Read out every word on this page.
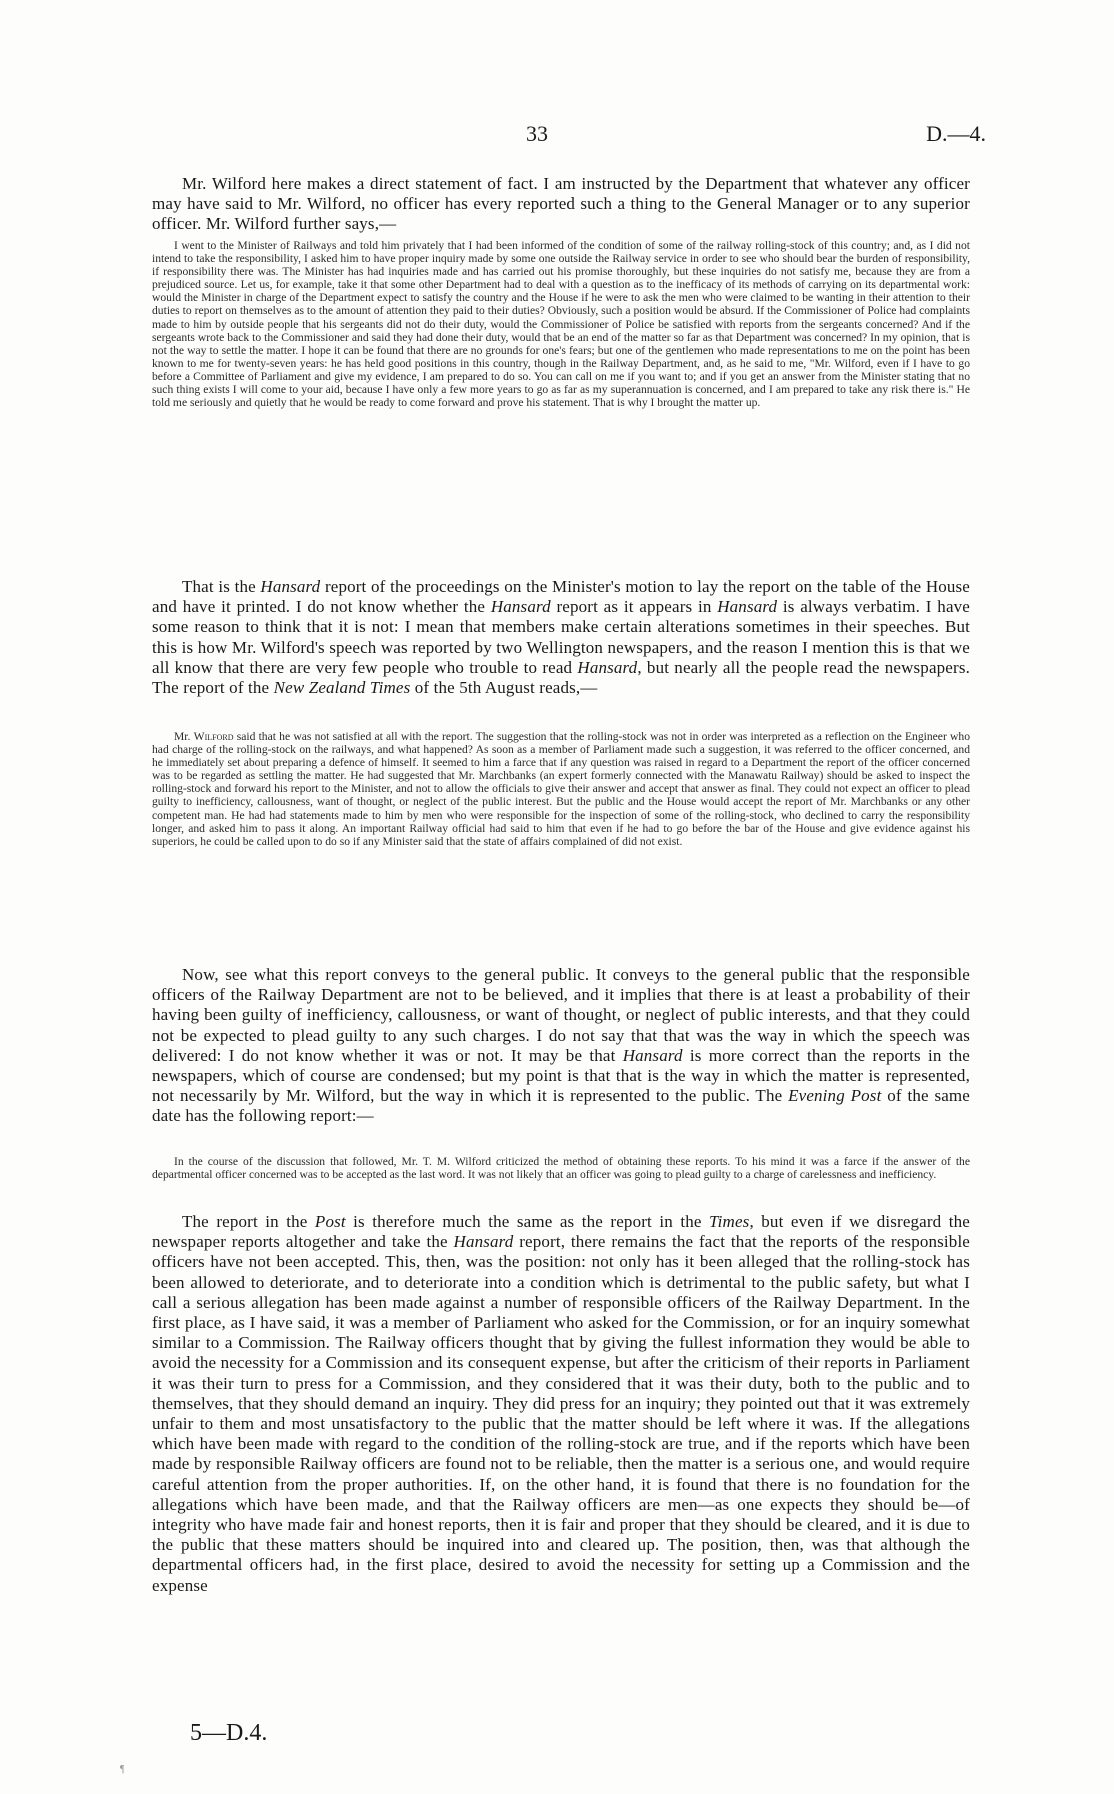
33	D.—4.

Mr. Wilford here makes a direct statement of fact. I am instructed by the Department that whatever any officer may have said to Mr. Wilford, no officer has every reported such a thing to the General Manager or to any superior officer. Mr. Wilford further says,—

I went to the Minister of Railways and told him privately that I had been informed of the condition of some of the railway rolling-stock of this country; and, as I did not intend to take the responsibility, I asked him to have proper inquiry made by some one outside the Railway service in order to see who should bear the burden of responsibility, if responsibility there was. The Minister has had inquiries made and has carried out his promise thoroughly, but these inquiries do not satisfy me, because they are from a prejudiced source. Let us, for example, take it that some other Department had to deal with a question as to the inefficacy of its methods of carrying on its departmental work: would the Minister in charge of the Department expect to satisfy the country and the House if he were to ask the men who were claimed to be wanting in their attention to their duties to report on themselves as to the amount of attention they paid to their duties? Obviously, such a position would be absurd. If the Commissioner of Police had complaints made to him by outside people that his sergeants did not do their duty, would the Commissioner of Police be satisfied with reports from the sergeants concerned? And if the sergeants wrote back to the Commissioner and said they had done their duty, would that be an end of the matter so far as that Department was concerned? In my opinion, that is not the way to settle the matter. I hope it can be found that there are no grounds for one's fears; but one of the gentlemen who made representations to me on the point has been known to me for twenty-seven years: he has held good positions in this country, though in the Railway Department, and, as he said to me, "Mr. Wilford, even if I have to go before a Committee of Parliament and give my evidence, I am prepared to do so. You can call on me if you want to; and if you get an answer from the Minister stating that no such thing exists I will come to your aid, because I have only a few more years to go as far as my superannuation is concerned, and I am prepared to take any risk there is." He told me seriously and quietly that he would be ready to come forward and prove his statement. That is why I brought the matter up.

That is the Hansard report of the proceedings on the Minister's motion to lay the report on the table of the House and have it printed. I do not know whether the Hansard report as it appears in Hansard is always verbatim. I have some reason to think that it is not: I mean that members make certain alterations sometimes in their speeches. But this is how Mr. Wilford's speech was reported by two Wellington newspapers, and the reason I mention this is that we all know that there are very few people who trouble to read Hansard, but nearly all the people read the newspapers. The report of the New Zealand Times of the 5th August reads,—

Mr. Wilford said that he was not satisfied at all with the report. The suggestion that the rolling-stock was not in order was interpreted as a reflection on the Engineer who had charge of the rolling-stock on the railways, and what happened? As soon as a member of Parliament made such a suggestion, it was referred to the officer concerned, and he immediately set about preparing a defence of himself. It seemed to him a farce that if any question was raised in regard to a Department the report of the officer concerned was to be regarded as settling the matter. He had suggested that Mr. Marchbanks (an expert formerly connected with the Manawatu Railway) should be asked to inspect the rolling-stock and forward his report to the Minister, and not to allow the officials to give their answer and accept that answer as final. They could not expect an officer to plead guilty to inefficiency, callousness, want of thought, or neglect of the public interest. But the public and the House would accept the report of Mr. Marchbanks or any other competent man. He had had statements made to him by men who were responsible for the inspection of some of the rolling-stock, who declined to carry the responsibility longer, and asked him to pass it along. An important Railway official had said to him that even if he had to go before the bar of the House and give evidence against his superiors, he could be called upon to do so if any Minister said that the state of affairs complained of did not exist.

Now, see what this report conveys to the general public. It conveys to the general public that the responsible officers of the Railway Department are not to be believed, and it implies that there is at least a probability of their having been guilty of inefficiency, callousness, or want of thought, or neglect of public interests, and that they could not be expected to plead guilty to any such charges. I do not say that that was the way in which the speech was delivered: I do not know whether it was or not. It may be that Hansard is more correct than the reports in the newspapers, which of course are condensed; but my point is that that is the way in which the matter is represented, not necessarily by Mr. Wilford, but the way in which it is represented to the public. The Evening Post of the same date has the following report:—

In the course of the discussion that followed, Mr. T. M. Wilford criticized the method of obtaining these reports. To his mind it was a farce if the answer of the departmental officer concerned was to be accepted as the last word. It was not likely that an officer was going to plead guilty to a charge of carelessness and inefficiency.

The report in the Post is therefore much the same as the report in the Times, but even if we disregard the newspaper reports altogether and take the Hansard report, there remains the fact that the reports of the responsible officers have not been accepted. This, then, was the position: not only has it been alleged that the rolling-stock has been allowed to deteriorate, and to deteriorate into a condition which is detrimental to the public safety, but what I call a serious allegation has been made against a number of responsible officers of the Railway Department. In the first place, as I have said, it was a member of Parliament who asked for the Commission, or for an inquiry somewhat similar to a Commission. The Railway officers thought that by giving the fullest information they would be able to avoid the necessity for a Commission and its consequent expense, but after the criticism of their reports in Parliament it was their turn to press for a Commission, and they considered that it was their duty, both to the public and to themselves, that they should demand an inquiry. They did press for an inquiry; they pointed out that it was extremely unfair to them and most unsatisfactory to the public that the matter should be left where it was. If the allegations which have been made with regard to the condition of the rolling-stock are true, and if the reports which have been made by responsible Railway officers are found not to be reliable, then the matter is a serious one, and would require careful attention from the proper authorities. If, on the other hand, it is found that there is no foundation for the allegations which have been made, and that the Railway officers are men—as one expects they should be—of integrity who have made fair and honest reports, then it is fair and proper that they should be cleared, and it is due to the public that these matters should be inquired into and cleared up. The position, then, was that although the departmental officers had, in the first place, desired to avoid the necessity for setting up a Commission and the expense

5—D.⁠4.
¶
